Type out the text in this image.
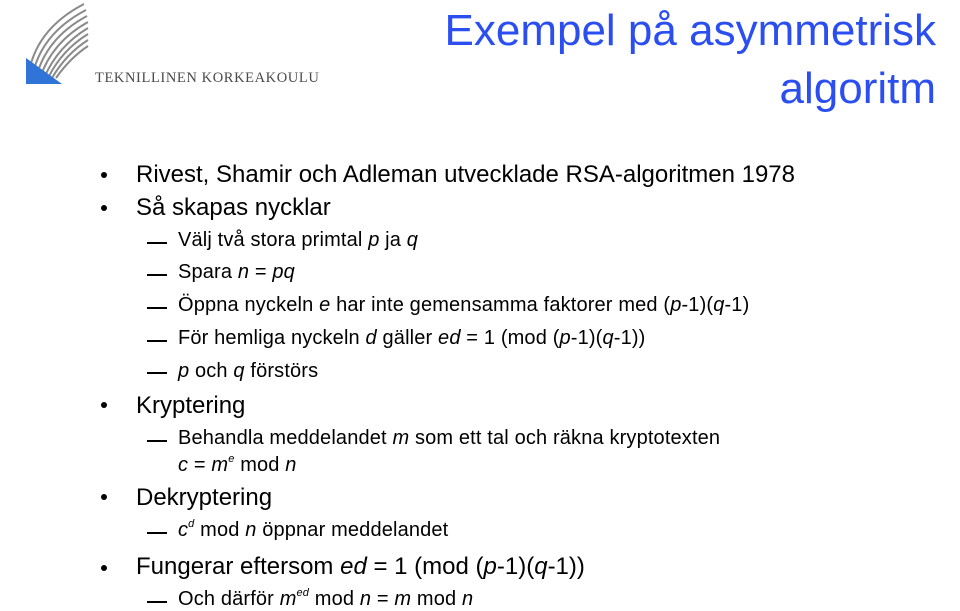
TEKNILLINEN KORKEAKOULU
Exempel på asymmetrisk
algoritm
Rivest, Shamir och Adleman utvecklade RSA-algoritmen 1978
Så skapas nycklar
Välj två stora primtal p ja q
Spara n = pq
Öppna nyckeln e har inte gemensamma faktorer med (p-1)(q-1)
För hemliga nyckeln d gäller ed = 1 (mod (p-1)(q-1))
p och q förstörs
Kryptering
Behandla meddelandet m som ett tal och räkna kryptotexten
$c = m^e$ mod n
Dekryptering
$c^d$ mod n öppnar meddelandet
Fungerar eftersom ed = 1 (mod (p-1)(q-1))
Och därför $m^{ed}$ mod n = m mod n
